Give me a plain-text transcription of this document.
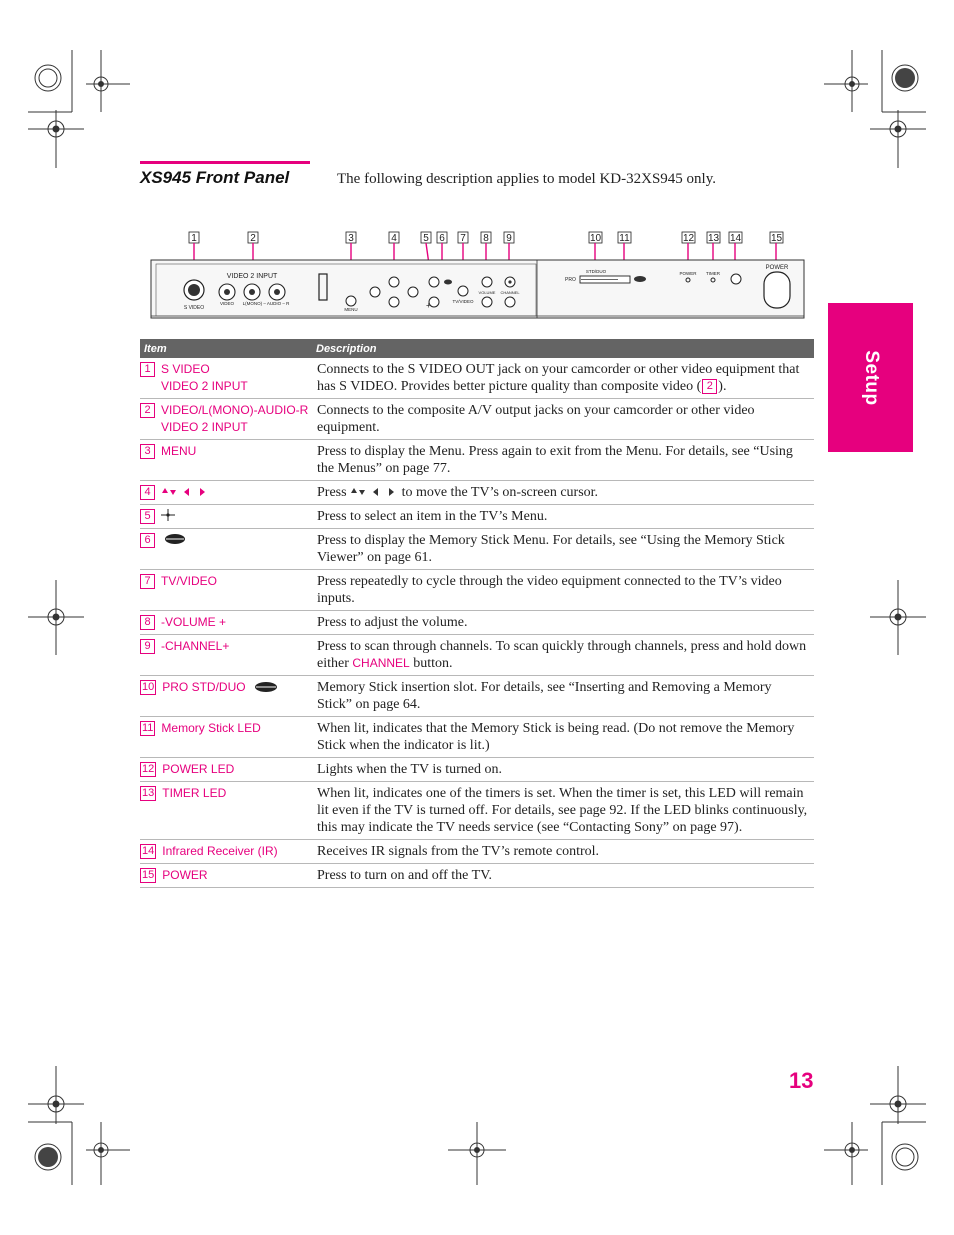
XS945 Front Panel	The following description applies to model KD-32XS945 only.
1	2	3	4	5 6 7 8 9	10 11	12 13 14	15
S VIDEO
VIDEO 2 INPUT
VIDEO L(MONO) – AUDIO – R
MENU	+	TV/VIDEO
VOLUME CHANNEL
PRO
STD/DUO	POWER TIMER
POWER
Setup
Item	Description

1 S VIDEO
VIDEO 2 INPUT	Connects to the S VIDEO OUT jack on your camcorder or other video equipment that has S VIDEO. Provides better picture quality than composite video ( 2 ).

2 VIDEO/L(MONO)-AUDIO-R
VIDEO 2 INPUT	Connects to the composite A/V output jacks on your camcorder or other video equipment.
3 MENU	Press to display the Menu. Press again to exit from the Menu. For details, see “Using the Menus” on page 77.
4	Press to move the TV’s on-screen cursor.
5	Press to select an item in the TV’s Menu.
6	Press to display the Memory Stick Menu. For details, see “Using the Memory Stick Viewer” on page 61.
7 TV/VIDEO	Press repeatedly to cycle through the video equipment connected to the TV’s video inputs.
8 -VOLUME +	Press to adjust the volume.
9 -CHANNEL+	Press to scan through channels. To scan quickly through channels, press and hold down either CHANNEL button.
10 PRO STD/DUO	Memory Stick insertion slot. For details, see “Inserting and Removing a Memory Stick” on page 64.
11 Memory Stick LED	When lit, indicates that the Memory Stick is being read. (Do not remove the Memory Stick when the indicator is lit.)
12 POWER LED	Lights when the TV is turned on.
13 TIMER LED	When lit, indicates one of the timers is set. When the timer is set, this LED will remain lit even if the TV is turned off. For details, see page 92. If the LED blinks continuously, this may indicate the TV needs service (see “Contacting Sony” on page 97).
14 Infrared Receiver (IR)	Receives IR signals from the TV’s remote control.
15 POWER	Press to turn on and off the TV.
13
